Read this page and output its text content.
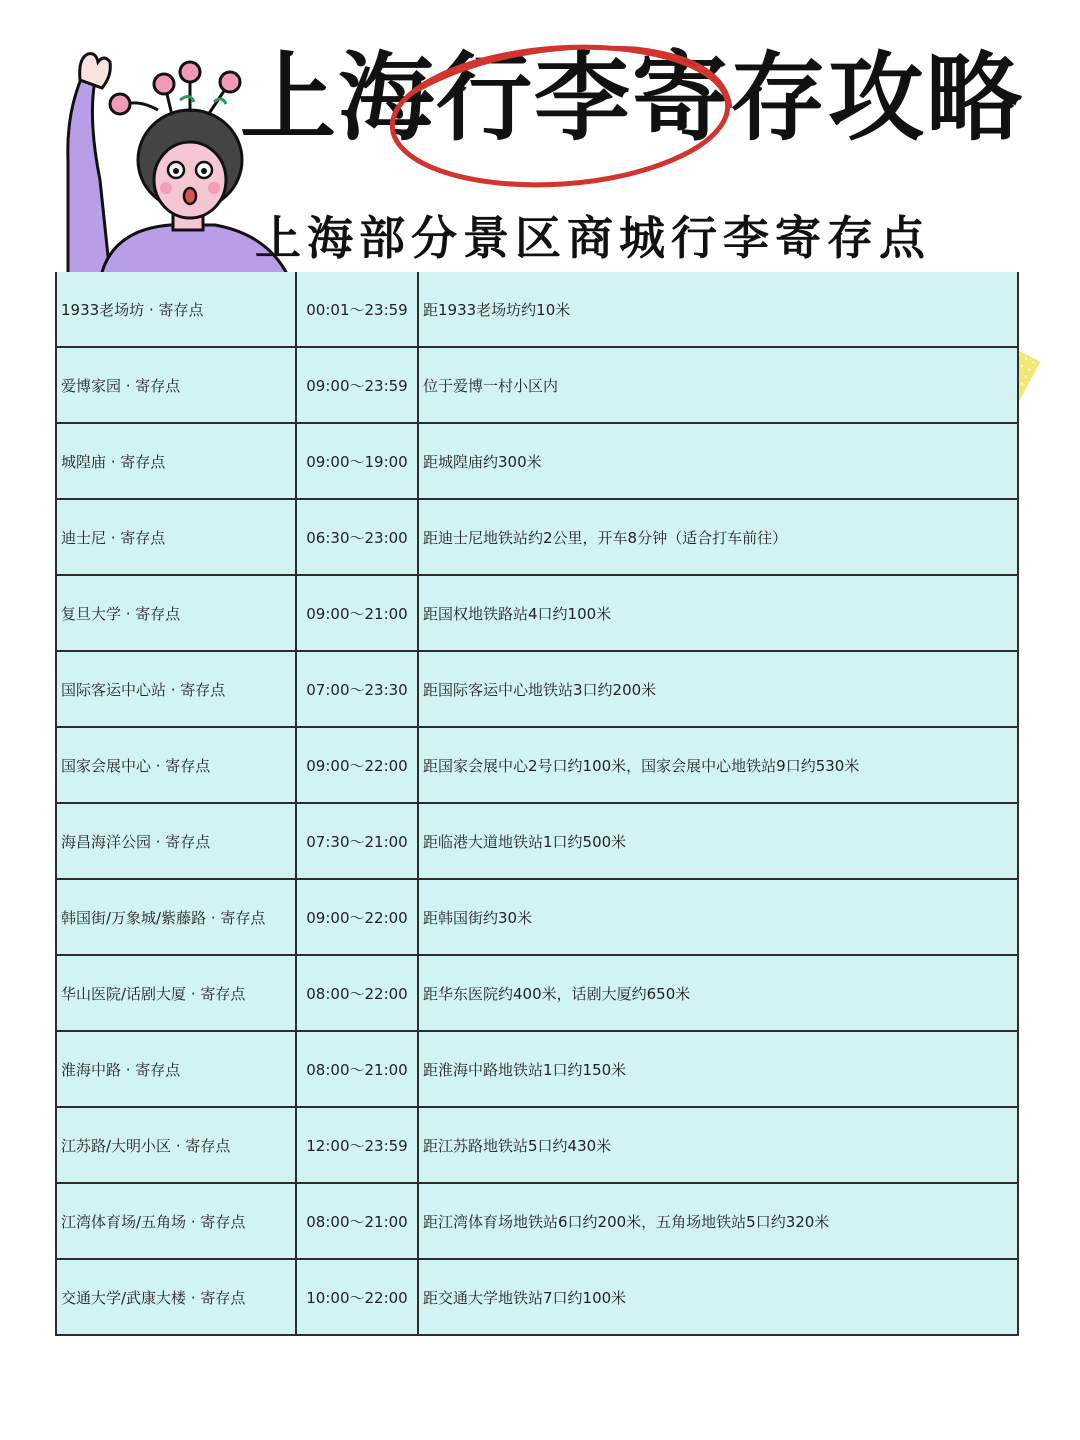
上海行李寄存攻略
上海部分景区商城行李寄存点
1933老场坊 · 寄存点	00:01～23:59	距1933老场坊约10米
爱博家园 · 寄存点	09:00～23:59	位于爱博一村小区内
城隍庙 · 寄存点	09:00～19:00	距城隍庙约300米
迪士尼 · 寄存点	06:30～23:00	距迪士尼地铁站约2公里，开车8分钟（适合打车前往）
复旦大学 · 寄存点	09:00～21:00	距国权地铁路站4口约100米
国际客运中心站 · 寄存点	07:00～23:30	距国际客运中心地铁站3口约200米
国家会展中心 · 寄存点	09:00～22:00	距国家会展中心2号口约100米，国家会展中心地铁站9口约530米
海昌海洋公园 · 寄存点	07:30～21:00	距临港大道地铁站1口约500米
韩国街/万象城/紫藤路 · 寄存点	09:00～22:00	距韩国街约30米
华山医院/话剧大厦 · 寄存点	08:00～22:00	距华东医院约400米，话剧大厦约650米
淮海中路 · 寄存点	08:00～21:00	距淮海中路地铁站1口约150米
江苏路/大明小区 · 寄存点	12:00～23:59	距江苏路地铁站5口约430米
江湾体育场/五角场 · 寄存点	08:00～21:00	距江湾体育场地铁站6口约200米，五角场地铁站5口约320米
交通大学/武康大楼 · 寄存点	10:00～22:00	距交通大学地铁站7口约100米
